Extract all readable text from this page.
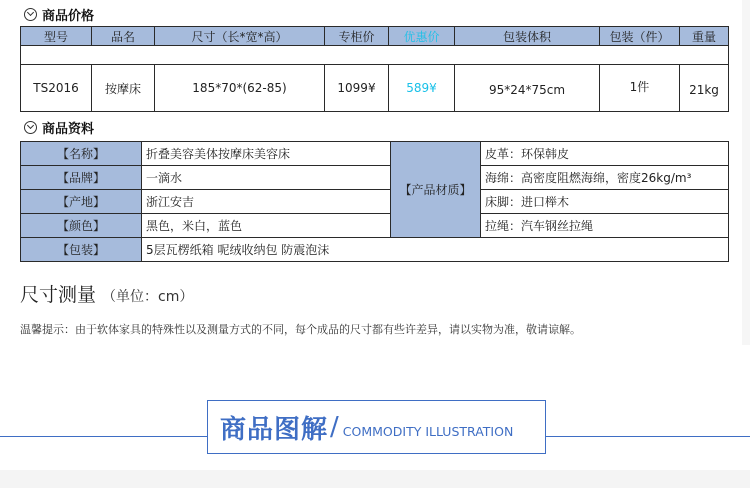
商品价格
型号	品名	尺寸（长*宽*高）	专柜价	优惠价	包装体积	包装（件）	重量

TS2016	按摩床	185*70*(62-85)	1099¥	589¥	95*24*75cm	1件	21kg
商品资料
【名称】	折叠美容美体按摩床美容床	【产品材质】	皮革：环保韩皮
【品牌】	一滴水		海绵：高密度阻燃海绵，密度26kg/m³
【产地】	浙江安吉		床脚：进口榉木
【颜色】	黑色，米白，蓝色		拉绳：汽车钢丝拉绳
【包装】	5层瓦楞纸箱 呢绒收纳包 防震泡沫		
尺寸测量 （单位：cm）
温馨提示：由于软体家具的特殊性以及测量方式的不同，每个成品的尺寸都有些许差异，请以实物为准，敬请谅解。
商品图解 / COMMODITY ILLUSTRATION
